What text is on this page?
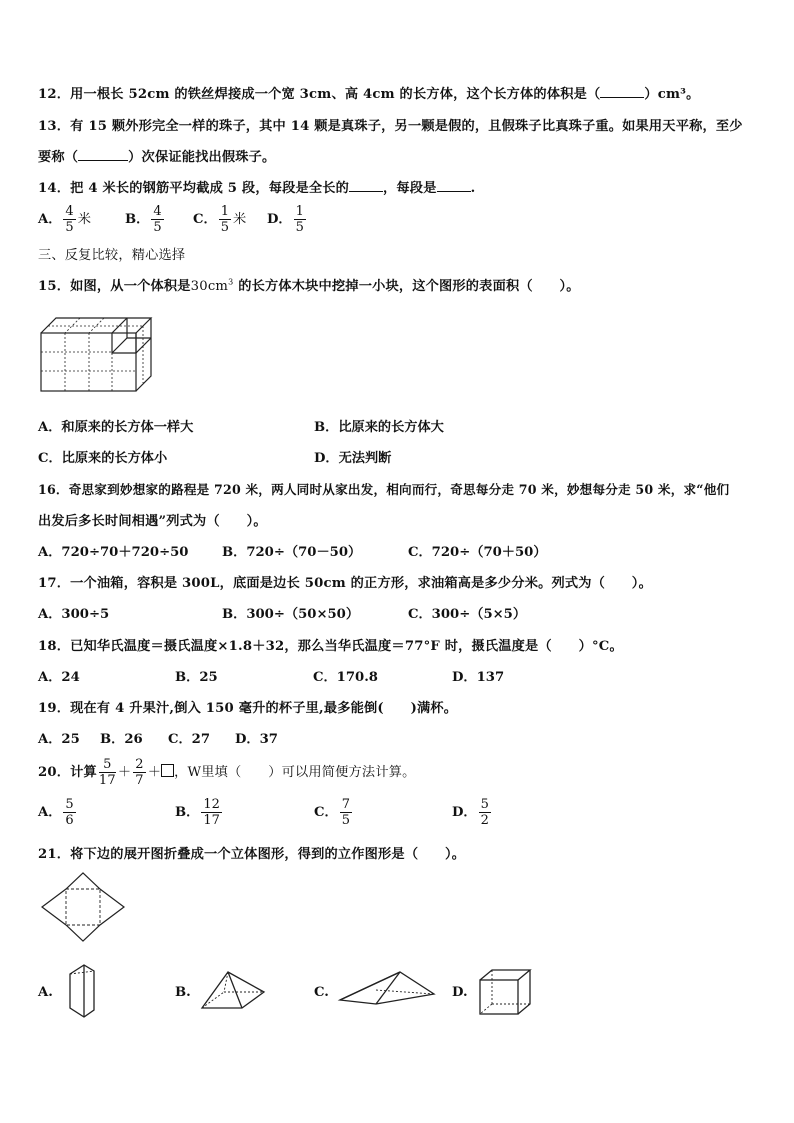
12．用一根长 52cm 的铁丝焊接成一个宽 3cm、高 4cm 的长方体，这个长方体的体积是（	）cm³。
13．有 15 颗外形完全一样的珠子，其中 14 颗是真珠子，另一颗是假的，且假珠子比真珠子重。如果用天平称，至少
要称（	）次保证能找出假珠子。
14．把 4 米长的钢筋平均截成 5 段，每段是全长的	，每段是	.
A． $\frac{4}{5}$ 米	B． $\frac{4}{5}$ C． $\frac{1}{5}$ 米 D． $\frac{1}{5}$
三、反复比较，精心选择
15．如图，从一个体积是$30cm^3$ 的长方体木块中挖掉一小块，这个图形的表面积（　　）。
A．和原来的长方体一样大	B．比原来的长方体大
C．比原来的长方体小	D．无法判断
16．奇思家到妙想家的路程是 720 米，两人同时从家出发，相向而行，奇思每分走 70 米，妙想每分走 50 米，求“他们
出发后多长时间相遇”列式为（　　）。
A．720÷70＋720÷50	B．720÷（70－50）	C．720÷（70＋50）
17．一个油箱，容积是 300L，底面是边长 50cm 的正方形，求油箱高是多少分米。列式为（　　）。
A．300÷5	B．300÷（50×50）	C．300÷（5×5）
18．已知华氏温度＝摄氏温度×1.8＋32，那么当华氏温度＝77°F 时，摄氏温度是（　　）°C。
A．24	B．25	C．170.8	D．137
19．现在有 4 升果汁,倒入 150 毫升的杯子里,最多能倒(　　)满杯。
A．25 B．26 C．27 D．37
20．计算 $\frac{5}{17} + \frac{2}{7}$ ＋ ，W里填（　　）可以用简便方法计算。
A． $\frac{5}{6}$	B． $\frac{12}{17}$	C． $\frac{7}{5}$	D． $\frac{5}{2}$
21．将下边的展开图折叠成一个立体图形，得到的立作图形是（　　）。
A.	B.	C.	D.
